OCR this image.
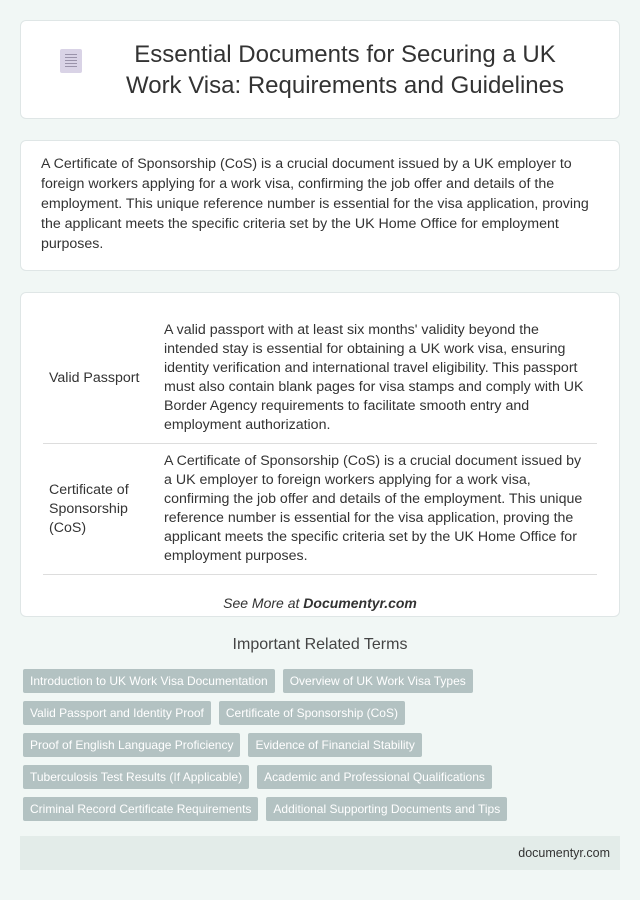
Essential Documents for Securing a UK Work Visa: Requirements and Guidelines

A Certificate of Sponsorship (CoS) is a crucial document issued by a UK employer to foreign workers applying for a work visa, confirming the job offer and details of the employment. This unique reference number is essential for the visa application, proving the applicant meets the specific criteria set by the UK Home Office for employment purposes.

Valid Passport	A valid passport with at least six months' validity beyond the intended stay is essential for obtaining a UK work visa, ensuring identity verification and international travel eligibility. This passport must also contain blank pages for visa stamps and comply with UK Border Agency requirements to facilitate smooth entry and employment authorization.
Certificate of Sponsorship (CoS)	A Certificate of Sponsorship (CoS) is a crucial document issued by a UK employer to foreign workers applying for a work visa, confirming the job offer and details of the employment. This unique reference number is essential for the visa application, proving the applicant meets the specific criteria set by the UK Home Office for employment purposes.
See More at Documentyr.com
Important Related Terms
Introduction to UK Work Visa Documentation	Overview of UK Work Visa Types
Valid Passport and Identity Proof	Certificate of Sponsorship (CoS)
Proof of English Language Proficiency	Evidence of Financial Stability
Tuberculosis Test Results (If Applicable)	Academic and Professional Qualifications
Criminal Record Certificate Requirements	Additional Supporting Documents and Tips
documentyr.com
